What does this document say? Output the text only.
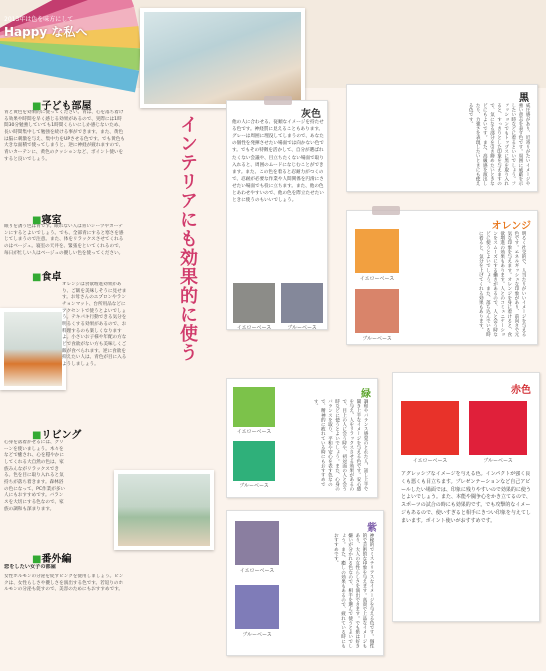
2013年は色を味方にして
Happy な私へ
■子ども部屋
青と黄色を効果的に使ってください。青は、心を落ち着ける効果や時間を早く感じる効果があるので、実際には1時間30分勉強していても1時間くらいにしか感じないため、長い時間集中して勉強を続ける事ができます。また、黄色は脳に刺激を与え、集中力をUPさせる色です。でも黄色も大きな面積で使ってしまうと、逆に神経が疲れますので、青いカーテンに、黄色のクッションなど、ポイント使いをすると良いでしょう。
■寝室
眠りを誘う色は青です。眠れない人は青いシーツやカーテンにするとよいでしょう。でも、全部青にすると寒さを感じてしまうので注意。また、体をリラックスさせてくれるのはベージュ。寝室の天井を、緊張をといてくれるので、毎日が忙しい人はベージュの優しい色を使ってください。
■食卓
オレンジは食欲増進効果があり、ご飯を美味しそうに見せます。お母さんのエプロンやランチョンマット、台所用品などにアクセントで使うとよいでしょう。テキパキ行動できる気分を明るくする効果があるので、お料理するのも楽しくなりますよ。小さいお子様や年配の方などで食欲がない方も美味しくご飯が食べられます。逆に食欲を抑えたい人は、青色が目に入るようしましょう。
■リビング
心身を落着かせるには、グリーンを使いましょう。木々をなどで癒され、心を穏やかにしてくれる大自然の色は、家族みんながリラックスできる。色を目に取り入れると気持ちが落ち着きます。森林浴の色になって、PC作業が多い人にもおすすめです。バランスを大切にする色なので、家族の調和も深まります。
■番外編
恋をしたい女子の部屋
女性ホルモンの分泌を促すピンクを使用しましょう。ピンクは、女性らしさや優しさを演出する色です。若返りのホルモンの分泌も促すので、美容のためにもおすすめです。
インテリアにも効果的に使う
灰色
他の人に合わせる、従順なイメージを持たせる色です。神経質に見えることもあります。グレーは周囲に埋没してしまうので、あなたの個性を発揮させたい場面では向かない色です。でもその特徴を活かして、自分が選ばれたくない会議や、目立ちたくない場面で取り入れると、周囲のムードになじむことができます。また、この色を着ると忍耐力がつくので、忍耐が必要な作業や人間関係を円滑にさせたい場面でも役に立ちます。また、他の色とあわせやすいので、他の色を際立たせたいときに使うのもいいでしょう。
イエローベース	ブルーベース
黒
威圧感があり、近寄りがたいイメージや強い意志を表す色です。周囲に威厳を示したい時などに着るといいでしょう。ファッションでもトップスに黒を取り入れると、すっきりとした印象を与えますので、気になる部分を引き締めたいときなどにもよいです。また、高級感を演出したり、力強さを表現したいときにも使える色です。
イエローベース
ブルーベース
オレンジ
明るく社交的で、人当たりがいいイメージを与える色です。エネルギッシュな印象があり、前向きで元気な印象を与えます。オレンジを身に着けると、食欲増進の効果もあります。人とのコミュニケーションをスムーズにする働きがあるので、人と会う時などに使うとよいでしょう。また、落ち込んでいる時に着ると、気分を上げてくれる効果もあります。
イエローベース
ブルーベース
緑
調和やバランス感覚のとれた人、話し上手で聞き上手なイメージを与える色です。安心感を与え、人をリラックスさせる効果があるので、目上の人に会う時や、初対面の人と会う時などに使うとよいでしょう。また、心身のバランスを取り、平和や安心を表す色なので、精神的に疲れている時にもおすすめです。
赤色
イエローベース	ブルーベース
アグレッシブなイメージを与える色。インパクトが強く良くも悪くも目立ちます。プレゼンテーションなど自己アピールしたい場面では、印象に残りやすいので効果的に使うとよいでしょう。また、本能や闘争心をかき立てるので、スポーツの試合の時にも効果的です。でも攻撃的なイメージもあるので、使いすぎると相手にきつい印象を与えてしまいます。ポイント使いがおすすめです。
イエローベース
ブルーベース
紫
神秘的でミステリアスなイメージを与える色です。個性的で芸術的な印象を与えます。高貴で上品なイメージもあり、大人の女性らしさを演出できます。でも紫は好き嫌いが分かれる色なので、相手を選んで使うとよいでしょう。また、癒しの効果もあるので、疲れている時にもおすすめです。
